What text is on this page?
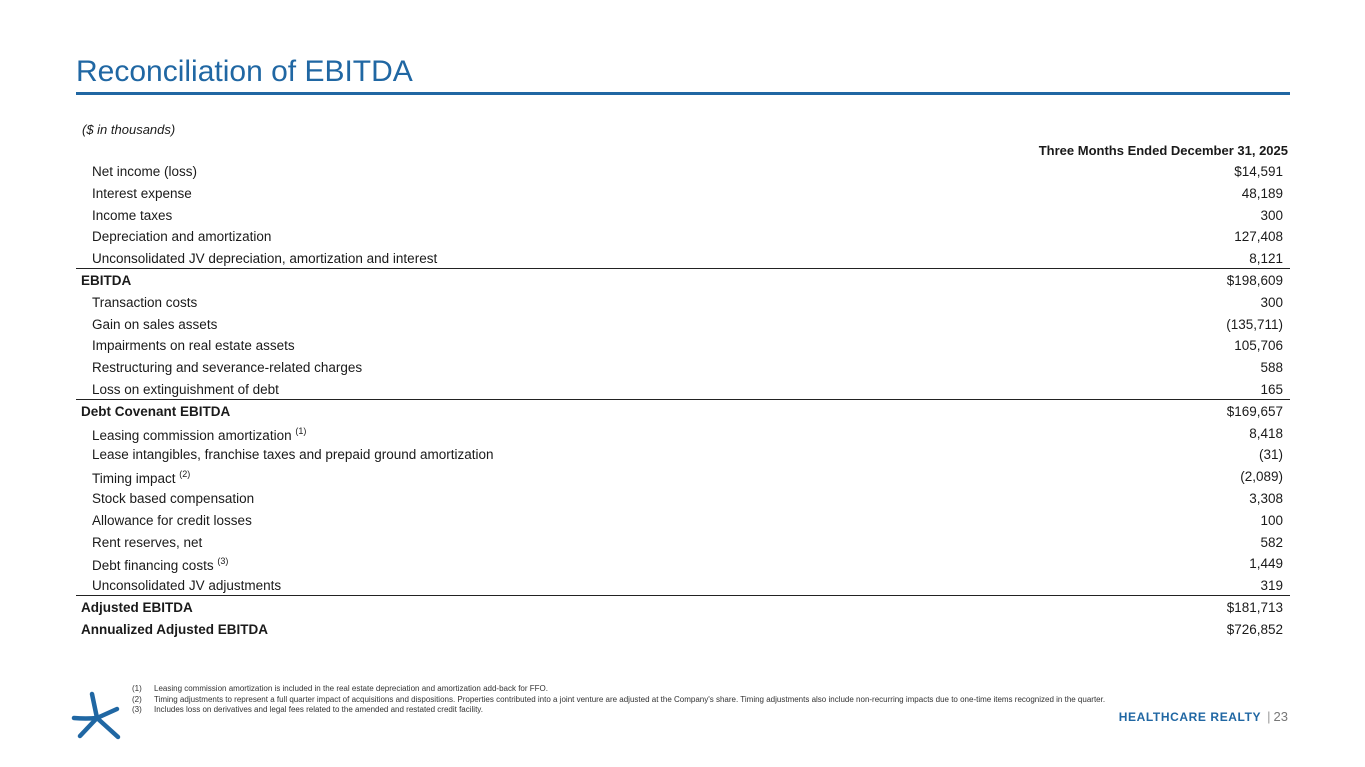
Reconciliation of EBITDA
($ in thousands)
Three Months Ended December 31, 2025
Net income (loss)	$14,591
Interest expense	48,189
Income taxes	300
Depreciation and amortization	127,408
Unconsolidated JV depreciation, amortization and interest	8,121
EBITDA	$198,609
Transaction costs	300
Gain on sales assets	(135,711)
Impairments on real estate assets	105,706
Restructuring and severance-related charges	588
Loss on extinguishment of debt	165
Debt Covenant EBITDA	$169,657
Leasing commission amortization $^{(1)}$	8,418
Lease intangibles, franchise taxes and prepaid ground amortization	(31)
Timing impact $^{(2)}$	(2,089)
Stock based compensation	3,308
Allowance for credit losses	100
Rent reserves, net	582
Debt financing costs $^{(3)}$	1,449
Unconsolidated JV adjustments	319
Adjusted EBITDA	$181,713
Annualized Adjusted EBITDA	$726,852
(1) Leasing commission amortization is included in the real estate depreciation and amortization add-back for FFO.
(2) Timing adjustments to represent a full quarter impact of acquisitions and dispositions. Properties contributed into a joint venture are adjusted at the Company's share. Timing adjustments also include non-recurring impacts due to one-time items recognized in the quarter.
(3) Includes loss on derivatives and legal fees related to the amended and restated credit facility.
HEALTHCARE REALTY | 23
